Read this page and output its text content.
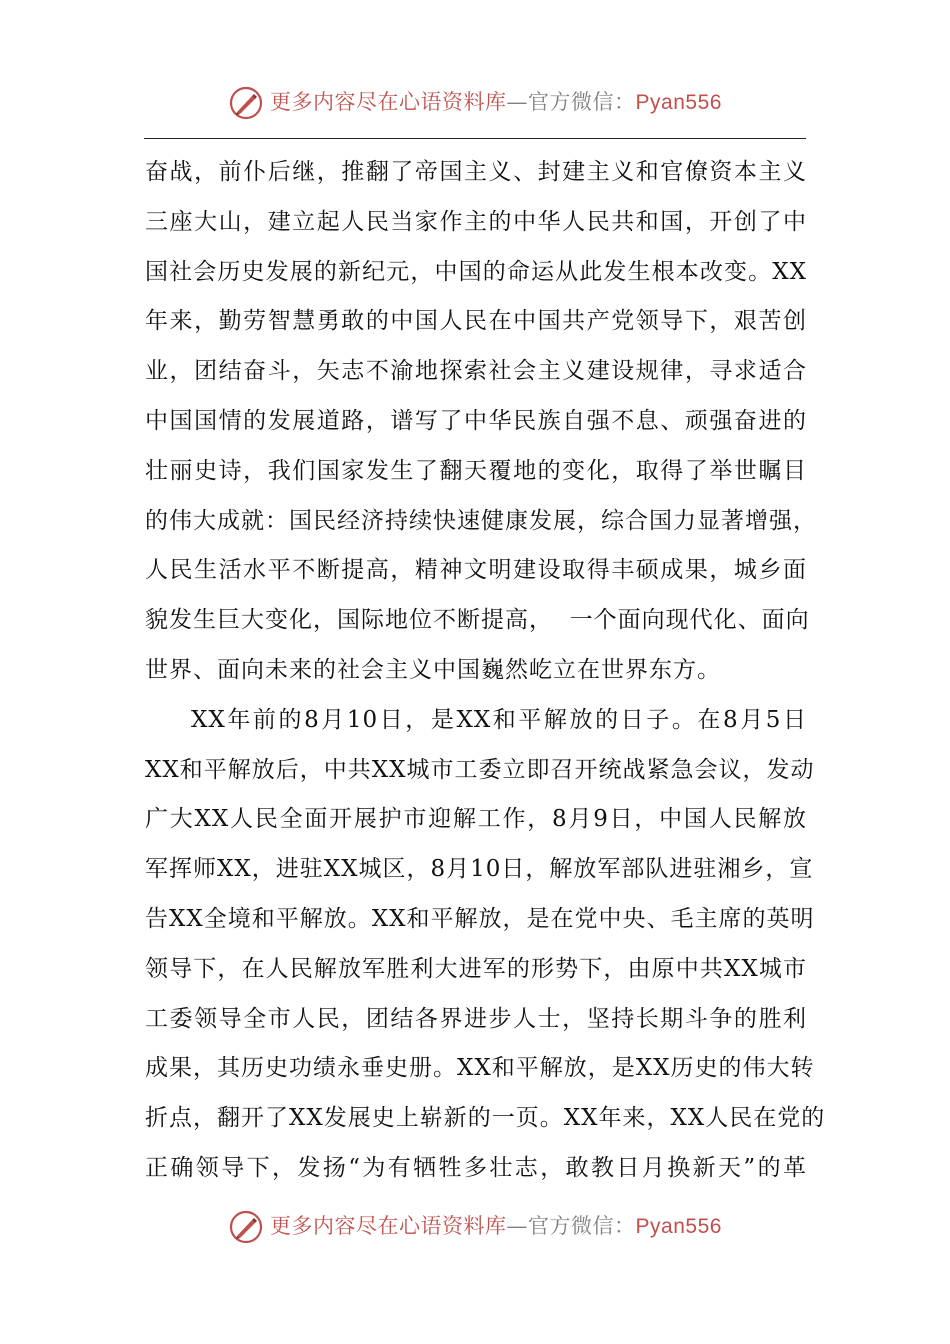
更多内容尽在心语资料库—官方微信：Pyan556
奋战，前仆后继，推翻了帝国主义、封建主义和官僚资本主义
三座大山，建立起人民当家作主的中华人民共和国，开创了中
国社会历史发展的新纪元，中国的命运从此发生根本改变。XX
年来，勤劳智慧勇敢的中国人民在中国共产党领导下，艰苦创
业，团结奋斗，矢志不渝地探索社会主义建设规律，寻求适合
中国国情的发展道路，谱写了中华民族自强不息、顽强奋进的
壮丽史诗，我们国家发生了翻天覆地的变化，取得了举世瞩目
的伟大成就：国民经济持续快速健康发展，综合国力显著增强，
人民生活水平不断提高，精神文明建设取得丰硕成果，城乡面
貌发生巨大变化，国际地位不断提高，  一个面向现代化、面向
世界、面向未来的社会主义中国巍然屹立在世界东方。
XX年前的8月10日，是XX和平解放的日子。在8月5日
XX和平解放后，中共XX城市工委立即召开统战紧急会议，发动
广大XX人民全面开展护市迎解工作，8月9日，中国人民解放
军挥师XX，进驻XX城区，8月10日，解放军部队进驻湘乡，宣
告XX全境和平解放。XX和平解放，是在党中央、毛主席的英明
领导下，在人民解放军胜利大进军的形势下，由原中共XX城市
工委领导全市人民，团结各界进步人士，坚持长期斗争的胜利
成果，其历史功绩永垂史册。XX和平解放，是XX历史的伟大转
折点，翻开了XX发展史上崭新的一页。XX年来，XX人民在党的
正确领导下，发扬“为有牺牲多壮志，敢教日月换新天”的革
更多内容尽在心语资料库—官方微信：Pyan556
